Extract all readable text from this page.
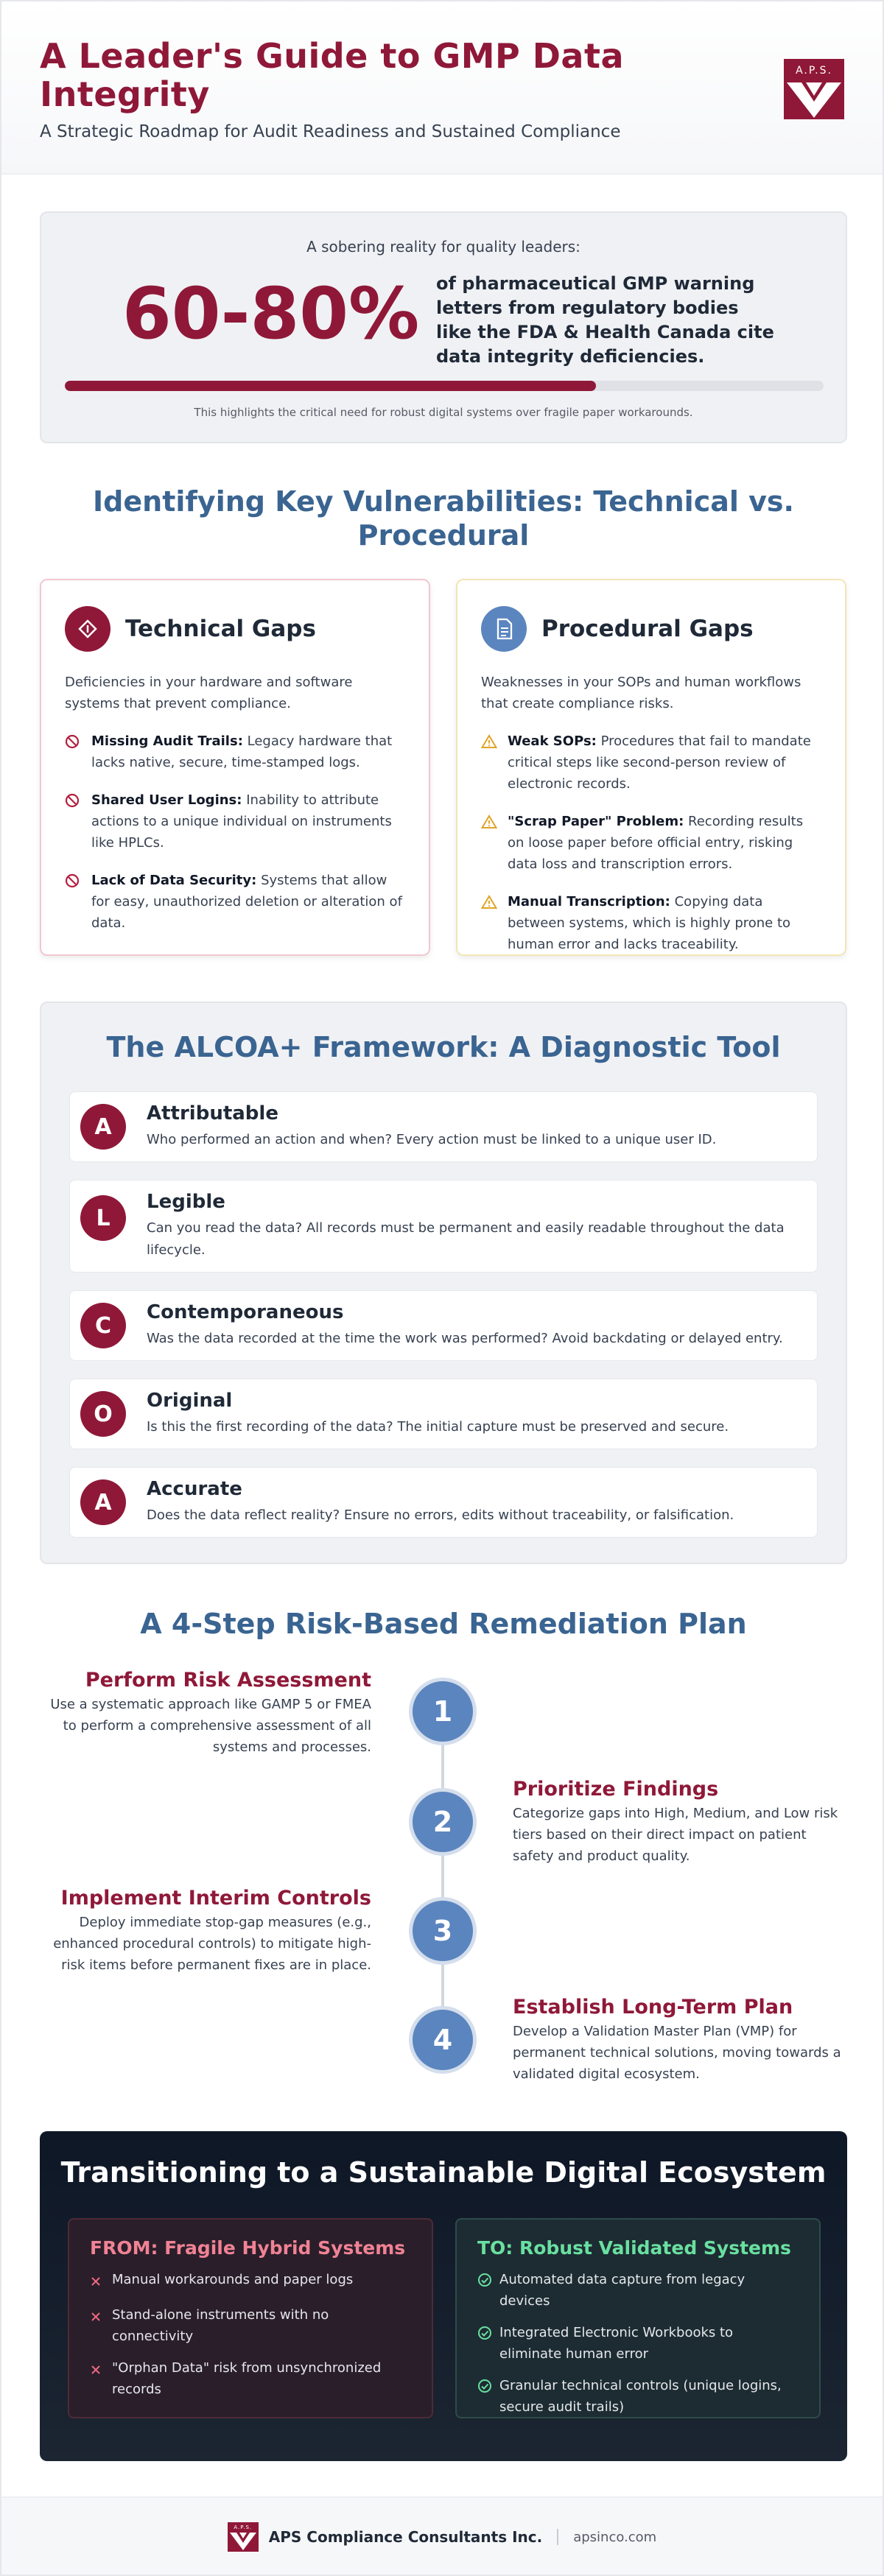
A Leader's Guide to GMP Data Integrity
A Strategic Roadmap for Audit Readiness and Sustained Compliance
A.P.S.
A sobering reality for quality leaders:
60-80% of pharmaceutical GMP warning letters from regulatory bodies like the FDA & Health Canada cite data integrity deficiencies.
This highlights the critical need for robust digital systems over fragile paper workarounds.
Identifying Key Vulnerabilities: Technical vs. Procedural
Technical Gaps
Deficiencies in your hardware and software systems that prevent compliance.
Missing Audit Trails: Legacy hardware that lacks native, secure, time-stamped logs.
Shared User Logins: Inability to attribute actions to a unique individual on instruments like HPLCs.
Lack of Data Security: Systems that allow for easy, unauthorized deletion or alteration of data.
Procedural Gaps
Weaknesses in your SOPs and human workflows that create compliance risks.
Weak SOPs: Procedures that fail to mandate critical steps like second-person review of electronic records.
"Scrap Paper" Problem: Recording results on loose paper before official entry, risking data loss and transcription errors.
Manual Transcription: Copying data between systems, which is highly prone to human error and lacks traceability.
The ALCOA+ Framework: A Diagnostic Tool
A
Attributable
Who performed an action and when? Every action must be linked to a unique user ID.
L
Legible
Can you read the data? All records must be permanent and easily readable throughout the data lifecycle.
C
Contemporaneous
Was the data recorded at the time the work was performed? Avoid backdating or delayed entry.
O
Original
Is this the first recording of the data? The initial capture must be preserved and secure.
A
Accurate
Does the data reflect reality? Ensure no errors, edits without traceability, or falsification.
A 4-Step Risk-Based Remediation Plan
1
Perform Risk Assessment
Use a systematic approach like GAMP 5 or FMEA to perform a comprehensive assessment of all systems and processes.
2
Prioritize Findings
Categorize gaps into High, Medium, and Low risk tiers based on their direct impact on patient safety and product quality.
3
Implement Interim Controls
Deploy immediate stop-gap measures (e.g., enhanced procedural controls) to mitigate high-risk items before permanent fixes are in place.
4
Establish Long-Term Plan
Develop a Validation Master Plan (VMP) for permanent technical solutions, moving towards a validated digital ecosystem.
Transitioning to a Sustainable Digital Ecosystem
FROM: Fragile Hybrid Systems
Manual workarounds and paper logs
Stand-alone instruments with no connectivity
"Orphan Data" risk from unsynchronized records
TO: Robust Validated Systems
Automated data capture from legacy devices
Integrated Electronic Workbooks to eliminate human error
Granular technical controls (unique logins, secure audit trails)
A.P.S.
APS Compliance Consultants Inc. apsinco.com
